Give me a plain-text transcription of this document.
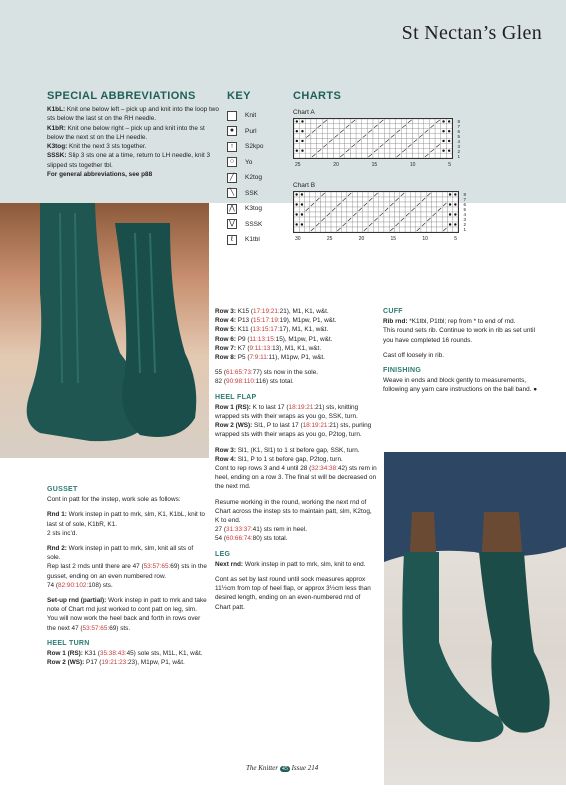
St Nectan’s Glen
SPECIAL ABBREVIATIONS

K1bL: Knit one below left – pick up and knit into the loop two sts below the last st on the RH needle.

K1bR: Knit one below right – pick up and knit into the st below the next st on the LH needle.

K3tog: Knit the next 3 sts together.

SSSK: Slip 3 sts one at a time, return to LH needle, knit 3 slipped sts together tbl.

For general abbreviations, see p88

KEY
Knit
●	Purl
↑	S2kpo
○	Yo
╱	K2tog
╲	SSK
⋀	K3tog
⋁	SSSK
ℓ	K1tbl
CHARTS
Chart A
8
7
6
5
4
3
2
1
25	20	15	10	5
Chart B
8
7
6
5
4
3
2
1
30	25	20	15	10	5
GUSSET

Cont in patt for the instep, work sole as follows:

Rnd 1: Work instep in patt to mrk, slm, K1, K1bL, knit to last st of sole, K1bR, K1.

2 sts inc’d.

Rnd 2: Work instep in patt to mrk, slm, knit all sts of sole.
Rep last 2 rnds until there are 47 (53:57:65:69) sts in the gusset, ending on an even numbered row.

74 (82:90:102:108) sts.

Set-up rnd (partial): Work instep in patt to mrk and take note of Chart rnd just worked to cont patt on leg, slm.

You will now work the heel back and forth in rows over the next 47 (53:57:65:69) sts.

HEEL TURN
Row 1 (RS): K31 (35:38:43:45) sole sts, M1L, K1, w&t.
Row 2 (WS): P17 (19:21:23:23), M1pw, P1, w&t.
Row 3: K15 (17:19:21:21), M1, K1, w&t.
Row 4: P13 (15:17:19:19), M1pw, P1, w&t.
Row 5: K11 (13:15:17:17), M1, K1, w&t.
Row 6: P9 (11:13:15:15), M1pw, P1, w&t.
Row 7: K7 (9:11:13:13), M1, K1, w&t.

Row 8: P5 (7:9:11:11), M1pw, P1, w&t.

55 (61:65:73:77) sts now in the sole.

82 (90:98:110:116) sts total.

HEEL FLAP
Row 1 (RS): K to last 17 (18:19:21:21) sts, knitting wrapped sts with their wraps as you go, SSK, turn.

Row 2 (WS): Sl1, P to last 17 (18:19:21:21) sts, purling wrapped sts with their wraps as you go, P2tog, turn.

Row 3: Sl1, (K1, Sl1) to 1 st before gap, SSK, turn.
Row 4: Sl1, P to 1 st before gap, P2tog, turn.

Cont to rep rows 3 and 4 until 28 (32:34:38:42) sts rem in heel, ending on a row 3. The final st will be decreased on the next rnd.

Resume working in the round, working the next rnd of Chart across the instep sts to maintain patt, slm, K2tog, K to end.
27 (31:33:37:41) sts rem in heel.

54 (60:66:74:80) sts total.

LEG

Next rnd: Work instep in patt to mrk, slm, knit to end.

Cont as set by last round until sock measures approx 11½cm from top of heel flap, or approx 3½cm less than desired length, ending on an even-numbered rnd of Chart patt.

CUFF
Rib rnd: *K1tbl, P1tbl; rep from * to end of rnd.

This round sets rib. Continue to work in rib as set until you have completed 16 rounds.

Cast off loosely in rib.

FINISHING

Weave in ends and block gently to measurements, following any yarn care instructions on the ball band. ●

The Knitter 45 Issue 214
PassionForum.ru
